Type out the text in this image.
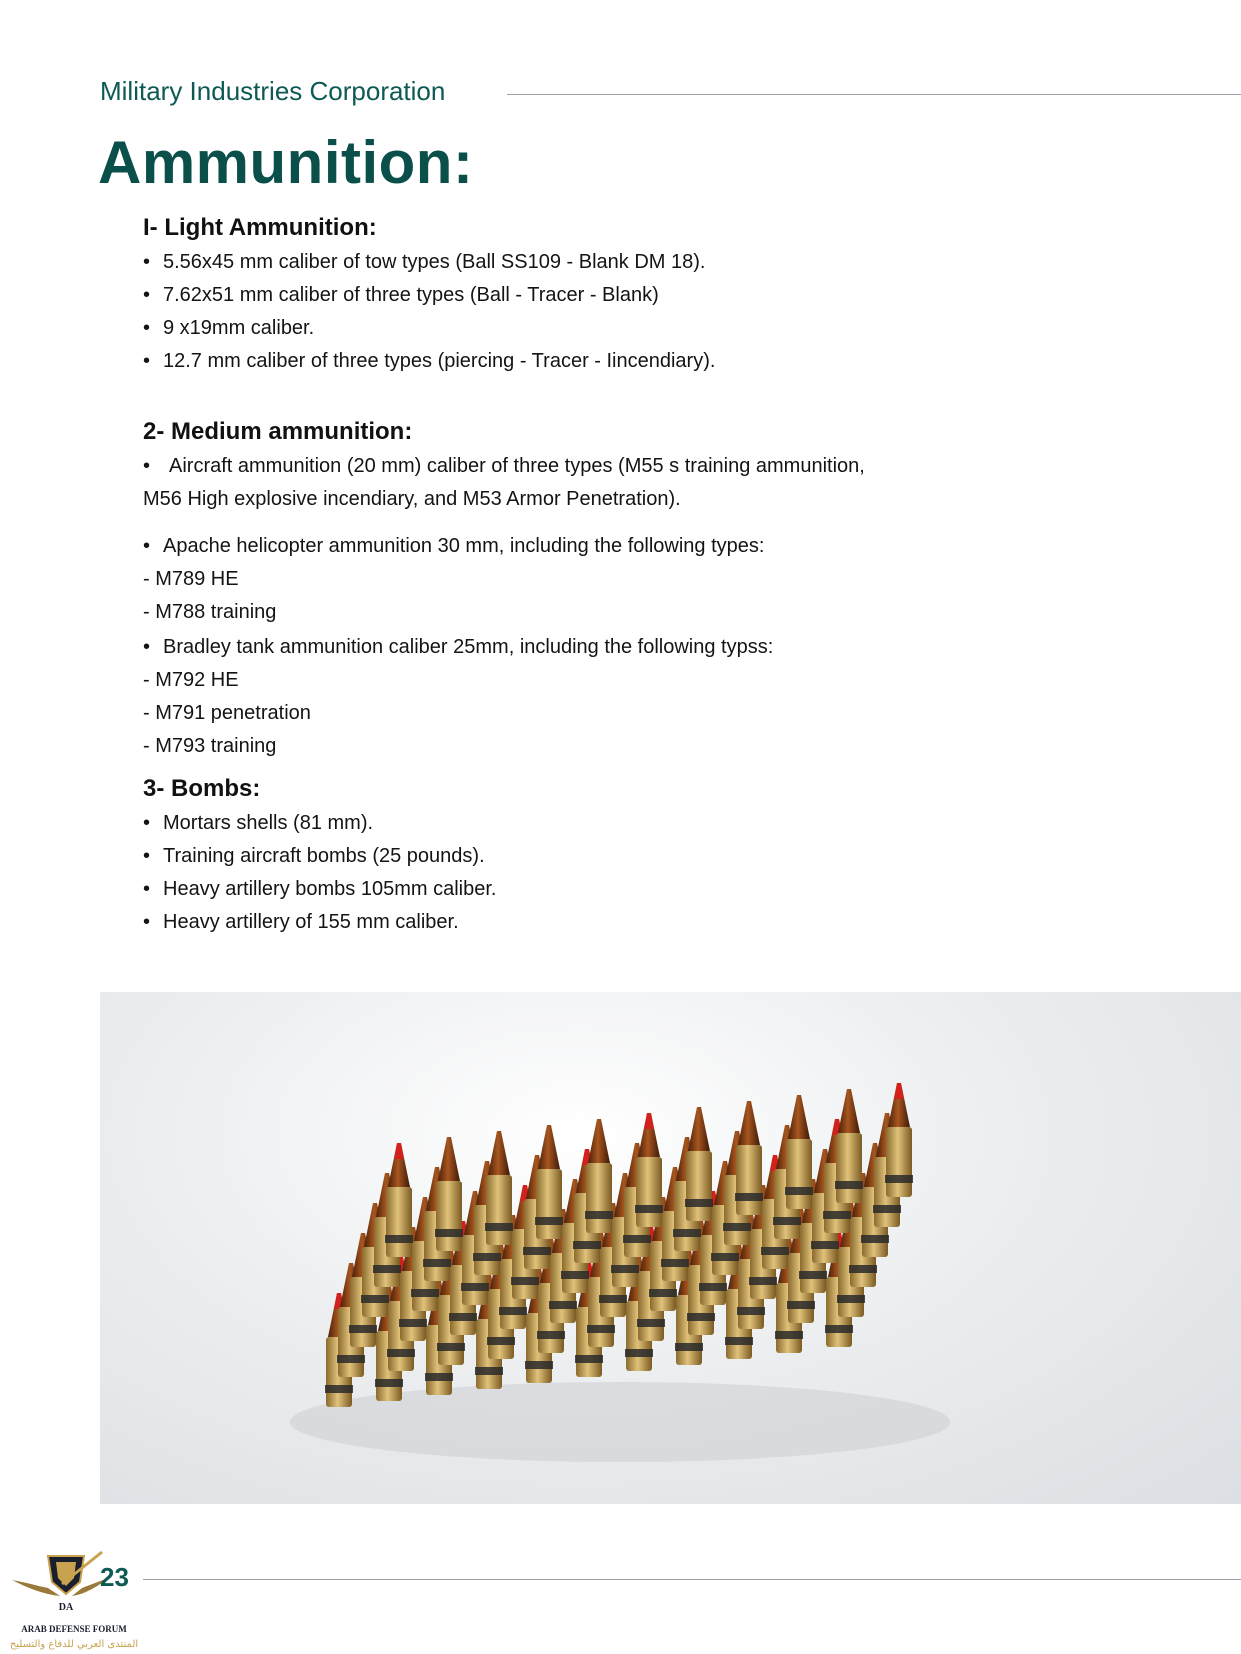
Military Industries Corporation
Ammunition:
I- Light Ammunition:
• 5.56x45 mm caliber of tow types (Ball SS109 - Blank DM 18).
• 7.62x51 mm caliber of three types (Ball - Tracer - Blank)
• 9 x19mm caliber.
• 12.7 mm caliber of three types (piercing - Tracer - Iincendiary).
2- Medium ammunition:
• Aircraft ammunition (20 mm) caliber of three types (M55 s training ammunition,
M56 High explosive incendiary, and M53 Armor Penetration).
• Apache helicopter ammunition 30 mm, including the following types:
- M789 HE
- M788 training
• Bradley tank ammunition caliber 25mm, including the following typss:
- M792 HE
- M791 penetration
- M793 training
3- Bombs:
• Mortars shells (81 mm).
• Training aircraft bombs (25 pounds).
• Heavy artillery bombs 105mm caliber.
• Heavy artillery of 155 mm caliber.
DA
ARAB DEFENSE FORUM
المنتدى العربي للدفاع والتسليح
23
